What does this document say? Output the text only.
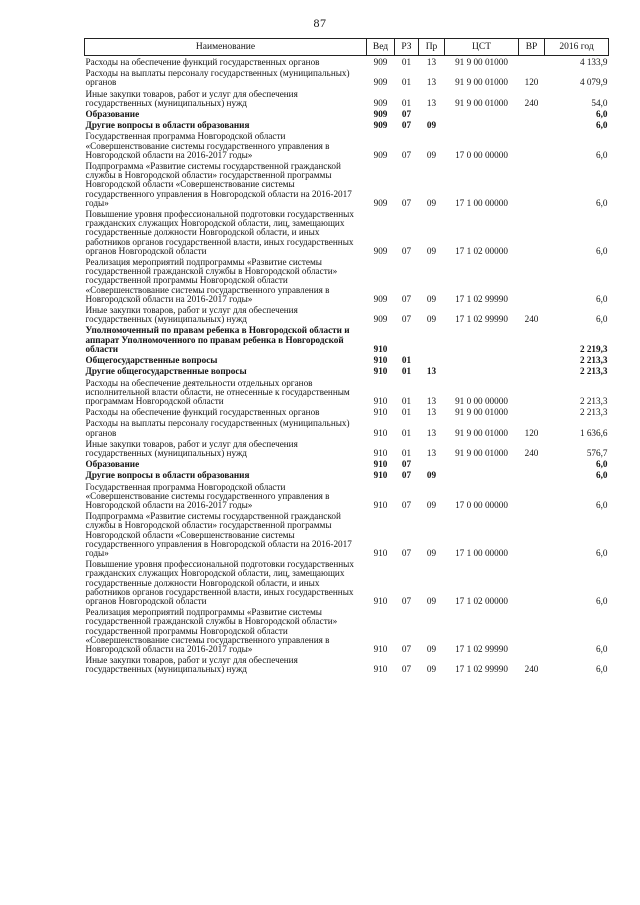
87
Наименование	Вед	РЗ	Пр	ЦСТ	ВР	2016 год
Расходы на обеспечение функций государственных органов	909	01	13	91 9 00 01000		4 133,9
Расходы на выплаты персоналу государственных (муниципальных) органов	909	01	13	91 9 00 01000	120	4 079,9
Иные закупки товаров, работ и услуг для обеспечения государственных (муниципальных) нужд	909	01	13	91 9 00 01000	240	54,0
Образование	909	07				6,0
Другие вопросы в области образования	909	07	09			6,0
Государственная программа Новгородской области «Совершенствование системы государственного управления в Новгородской области на 2016-2017 годы»	909	07	09	17 0 00 00000		6,0
Подпрограмма «Развитие системы государственной гражданской службы в Новгородской области» государственной программы Новгородской области «Совершенствование системы государственного управления в Новгородской области на 2016-2017 годы»	909	07	09	17 1 00 00000		6,0
Повышение уровня профессиональной подготовки государственных гражданских служащих Новгородской области, лиц, замещающих государственные должности Новгородской области, и иных работников органов государственной власти, иных государственных органов Новгородской области	909	07	09	17 1 02 00000		6,0
Реализация мероприятий подпрограммы «Развитие системы государственной гражданской службы в Новгородской области» государственной программы Новгородской области «Совершенствование системы государственного управления в Новгородской области на 2016-2017 годы»	909	07	09	17 1 02 99990		6,0
Иные закупки товаров, работ и услуг для обеспечения государственных (муниципальных) нужд	909	07	09	17 1 02 99990	240	6,0
Уполномоченный по правам ребенка в Новгородской области и аппарат Уполномоченного по правам ребенка в Новгородской области	910					2 219,3
Общегосударственные вопросы	910	01				2 213,3
Другие общегосударственные вопросы	910	01	13			2 213,3
Расходы на обеспечение деятельности отдельных органов исполнительной власти области, не отнесенные к государственным программам Новгородской области	910	01	13	91 0 00 00000		2 213,3
Расходы на обеспечение функций государственных органов	910	01	13	91 9 00 01000		2 213,3
Расходы на выплаты персоналу государственных (муниципальных) органов	910	01	13	91 9 00 01000	120	1 636,6
Иные закупки товаров, работ и услуг для обеспечения государственных (муниципальных) нужд	910	01	13	91 9 00 01000	240	576,7
Образование	910	07				6,0
Другие вопросы в области образования	910	07	09			6,0
Государственная программа Новгородской области «Совершенствование системы государственного управления в Новгородской области на 2016-2017 годы»	910	07	09	17 0 00 00000		6,0
Подпрограмма «Развитие системы государственной гражданской службы в Новгородской области» государственной программы Новгородской области «Совершенствование системы государственного управления в Новгородской области на 2016-2017 годы»	910	07	09	17 1 00 00000		6,0
Повышение уровня профессиональной подготовки государственных гражданских служащих Новгородской области, лиц, замещающих государственные должности Новгородской области, и иных работников органов государственной власти, иных государственных органов Новгородской области	910	07	09	17 1 02 00000		6,0
Реализация мероприятий подпрограммы «Развитие системы государственной гражданской службы в Новгородской области» государственной программы Новгородской области «Совершенствование системы государственного управления в Новгородской области на 2016-2017 годы»	910	07	09	17 1 02 99990		6,0
Иные закупки товаров, работ и услуг для обеспечения государственных (муниципальных) нужд	910	07	09	17 1 02 99990	240	6,0
